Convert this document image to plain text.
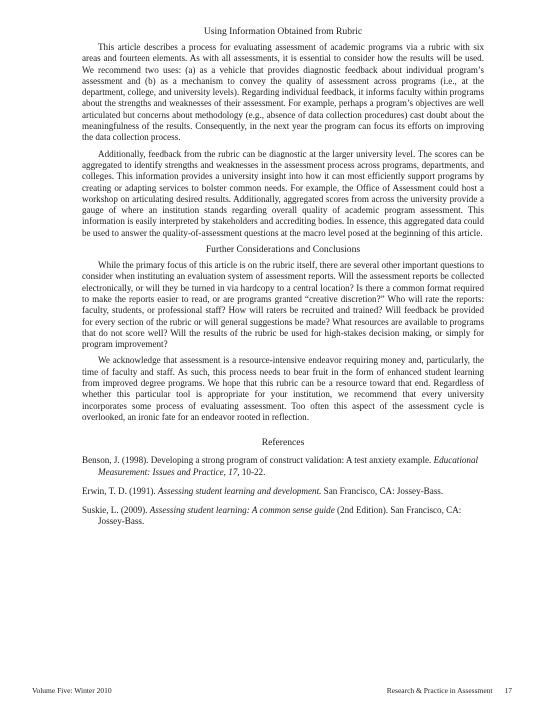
Using Information Obtained from Rubric

This article describes a process for evaluating assessment of academic programs via a rubric with six areas and fourteen elements. As with all assessments, it is essential to consider how the results will be used. We recommend two uses: (a) as a vehicle that provides diagnostic feedback about individual program’s assessment and (b) as a mechanism to convey the quality of assessment across programs (i.e., at the department, college, and university levels). Regarding individual feedback, it informs faculty within programs about the strengths and weaknesses of their assessment. For example, perhaps a program’s objectives are well articulated but concerns about methodology (e.g., absence of data collection procedures) cast doubt about the meaningfulness of the results. Consequently, in the next year the program can focus its efforts on improving the data collection process.

Additionally, feedback from the rubric can be diagnostic at the larger university level. The scores can be aggregated to identify strengths and weaknesses in the assessment process across programs, departments, and colleges. This information provides a university insight into how it can most efficiently support programs by creating or adapting services to bolster common needs. For example, the Office of Assessment could host a workshop on articulating desired results. Additionally, aggregated scores from across the university provide a gauge of where an institution stands regarding overall quality of academic program assessment. This information is easily interpreted by stakeholders and accrediting bodies. In essence, this aggregated data could be used to answer the quality-of-assessment questions at the macro level posed at the beginning of this article.

Further Considerations and Conclusions

While the primary focus of this article is on the rubric itself, there are several other important questions to consider when instituting an evaluation system of assessment reports. Will the assessment reports be collected electronically, or will they be turned in via hardcopy to a central location? Is there a common format required to make the reports easier to read, or are programs granted “creative discretion?” Who will rate the reports: faculty, students, or professional staff? How will raters be recruited and trained? Will feedback be provided for every section of the rubric or will general suggestions be made? What resources are available to programs that do not score well? Will the results of the rubric be used for high-stakes decision making, or simply for program improvement?

We acknowledge that assessment is a resource-intensive endeavor requiring money and, particularly, the time of faculty and staff. As such, this process needs to bear fruit in the form of enhanced student learning from improved degree programs. We hope that this rubric can be a resource toward that end. Regardless of whether this particular tool is appropriate for your institution, we recommend that every university incorporates some process of evaluating assessment. Too often this aspect of the assessment cycle is overlooked, an ironic fate for an endeavor rooted in reflection.

References
Benson, J. (1998). Developing a strong program of construct validation: A test anxiety example. Educational Measurement: Issues and Practice, 17, 10-22.
Erwin, T. D. (1991). Assessing student learning and development. San Francisco, CA: Jossey-Bass.
Suskie, L. (2009). Assessing student learning: A common sense guide (2nd Edition). San Francisco, CA: Jossey-Bass.
Volume Five: Winter 2010	Research & Practice in Assessment 17
